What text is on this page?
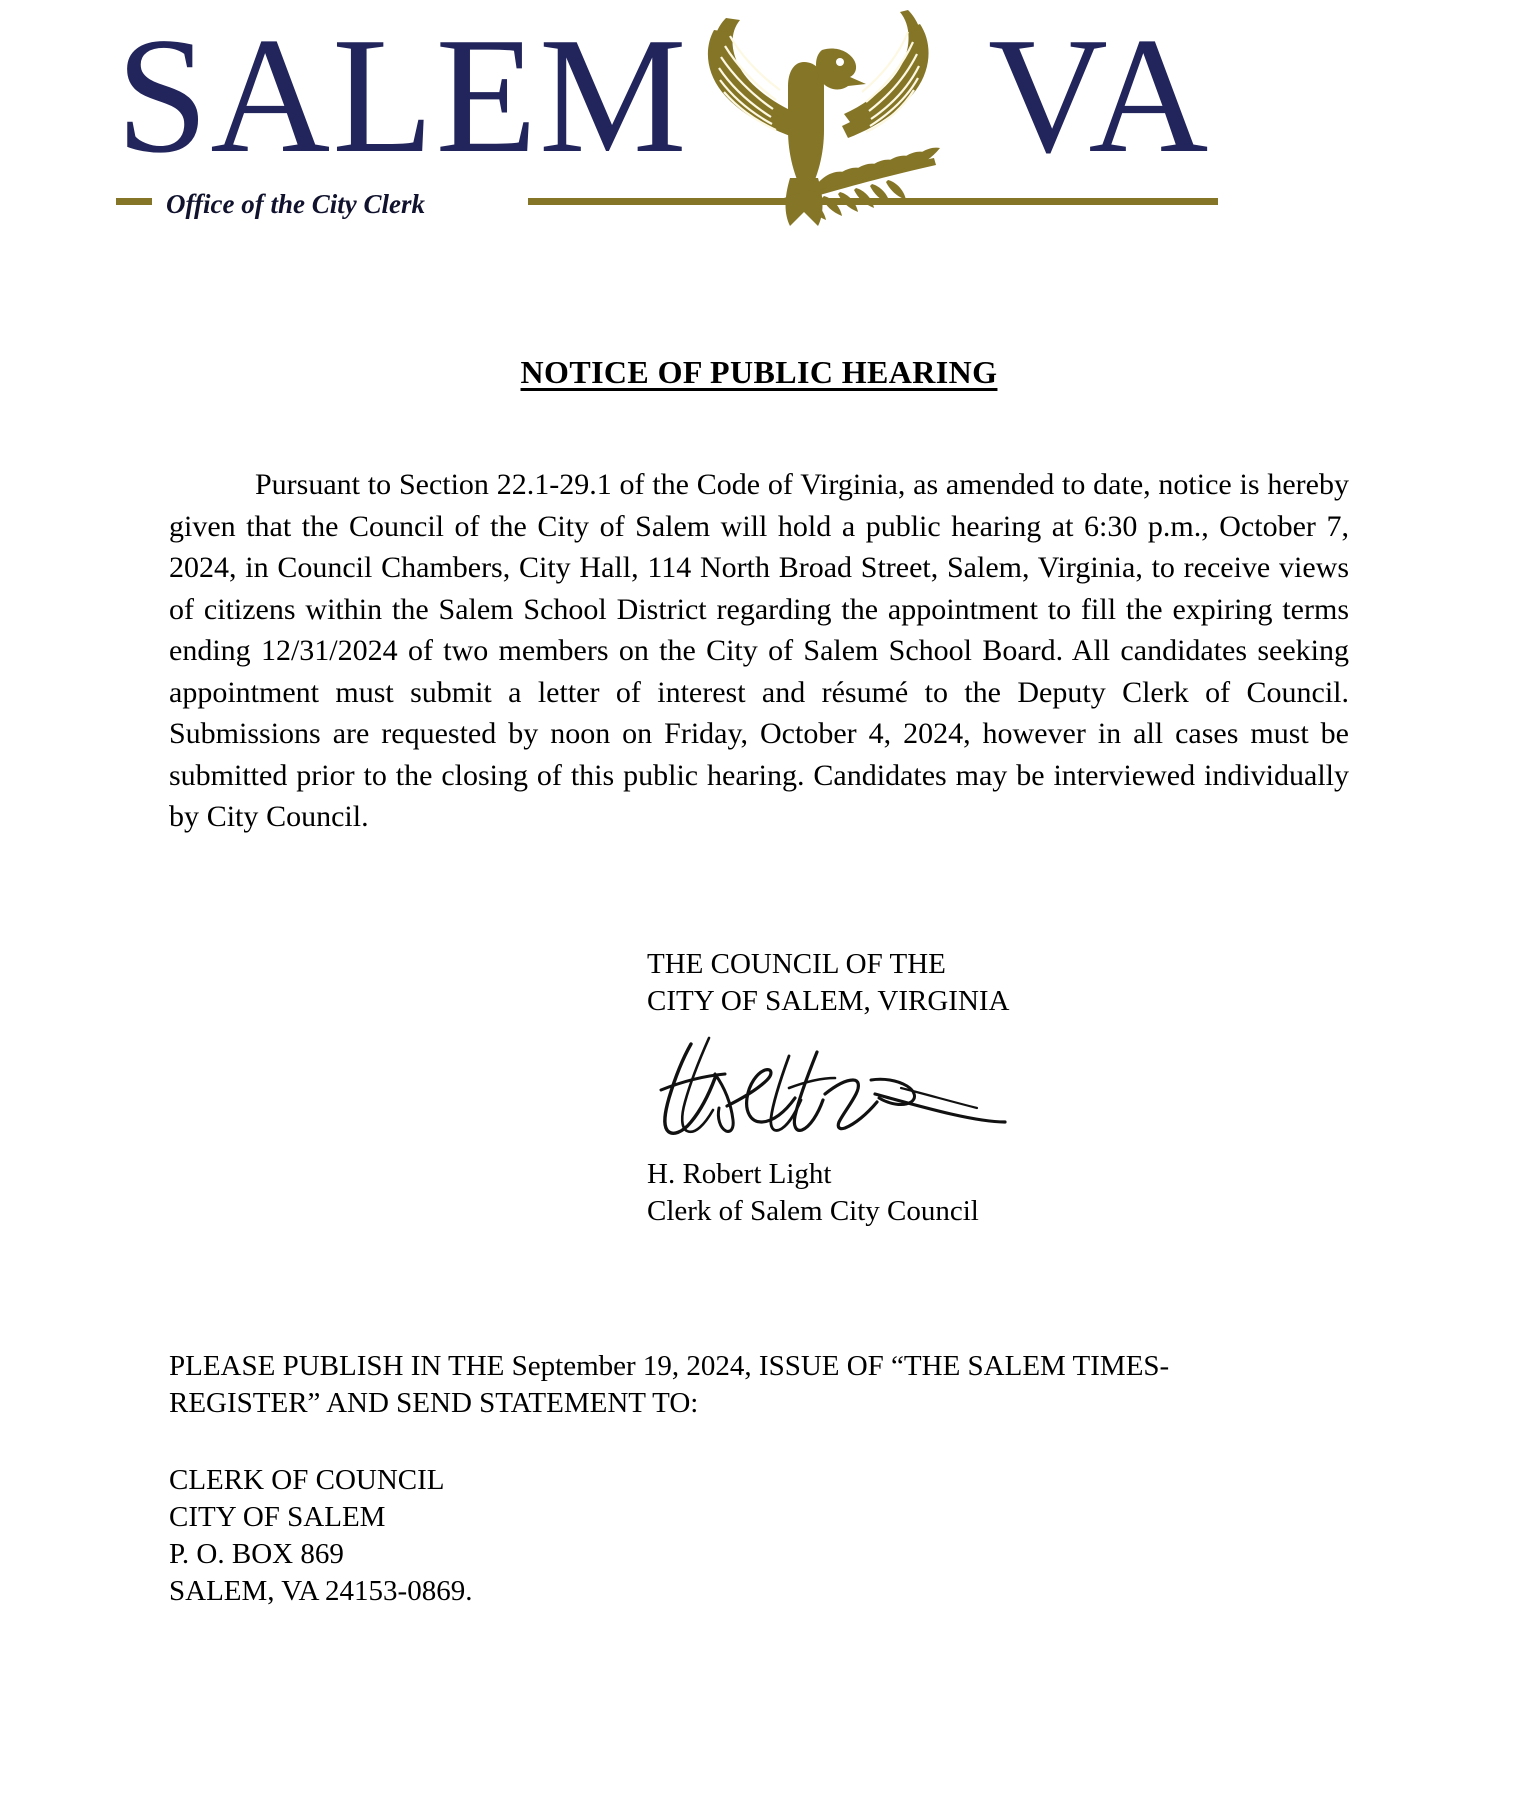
SALEM VA
Office of the City Clerk
NOTICE OF PUBLIC HEARING
Pursuant to Section 22.1-29.1 of the Code of Virginia, as amended to date, notice is hereby given that the Council of the City of Salem will hold a public hearing at 6:30 p.m., October 7, 2024, in Council Chambers, City Hall, 114 North Broad Street, Salem, Virginia, to receive views of citizens within the Salem School District regarding the appointment to fill the expiring terms ending 12/31/2024 of two members on the City of Salem School Board. All candidates seeking appointment must submit a letter of interest and résumé to the Deputy Clerk of Council. Submissions are requested by noon on Friday, October 4, 2024, however in all cases must be submitted prior to the closing of this public hearing. Candidates may be interviewed individually by City Council.
THE COUNCIL OF THE
CITY OF SALEM, VIRGINIA
H. Robert Light
Clerk of Salem City Council
PLEASE PUBLISH IN THE September 19, 2024, ISSUE OF “THE SALEM TIMES-
REGISTER” AND SEND STATEMENT TO:
CLERK OF COUNCIL
CITY OF SALEM
P. O. BOX 869
SALEM, VA 24153-0869.
